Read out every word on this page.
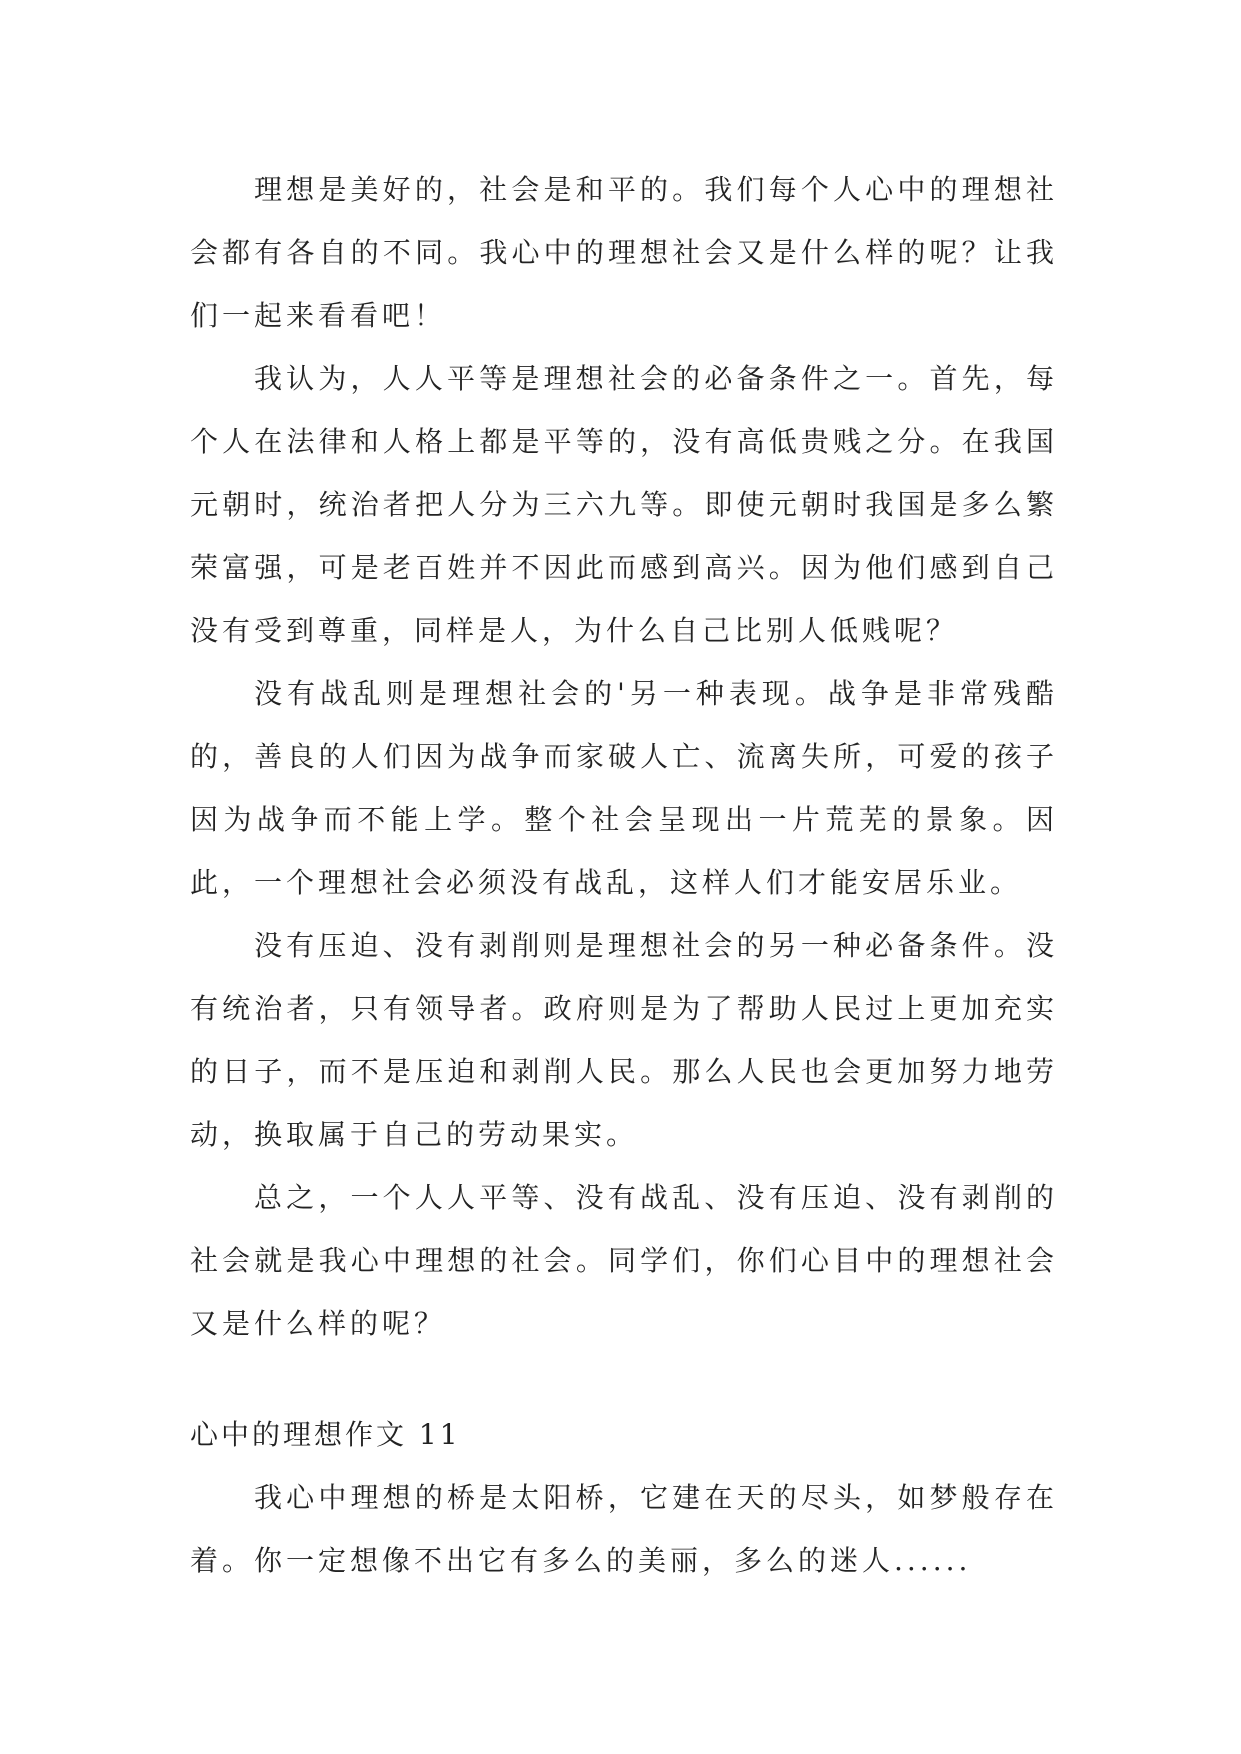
理想是美好的，社会是和平的。我们每个人心中的理想社会都有各自的不同。我心中的理想社会又是什么样的呢？让我们一起来看看吧！

我认为，人人平等是理想社会的必备条件之一。首先，每个人在法律和人格上都是平等的，没有高低贵贱之分。在我国元朝时，统治者把人分为三六九等。即使元朝时我国是多么繁荣富强，可是老百姓并不因此而感到高兴。因为他们感到自己没有受到尊重，同样是人，为什么自己比别人低贱呢？

没有战乱则是理想社会的'另一种表现。战争是非常残酷的，善良的人们因为战争而家破人亡、流离失所，可爱的孩子因为战争而不能上学。整个社会呈现出一片荒芜的景象。因此，一个理想社会必须没有战乱，这样人们才能安居乐业。

没有压迫、没有剥削则是理想社会的另一种必备条件。没有统治者，只有领导者。政府则是为了帮助人民过上更加充实的日子，而不是压迫和剥削人民。那么人民也会更加努力地劳动，换取属于自己的劳动果实。

总之，一个人人平等、没有战乱、没有压迫、没有剥削的社会就是我心中理想的社会。同学们，你们心目中的理想社会又是什么样的呢？

心中的理想作文 11

我心中理想的桥是太阳桥，它建在天的尽头，如梦般存在着。你一定想像不出它有多么的美丽，多么的迷人......
